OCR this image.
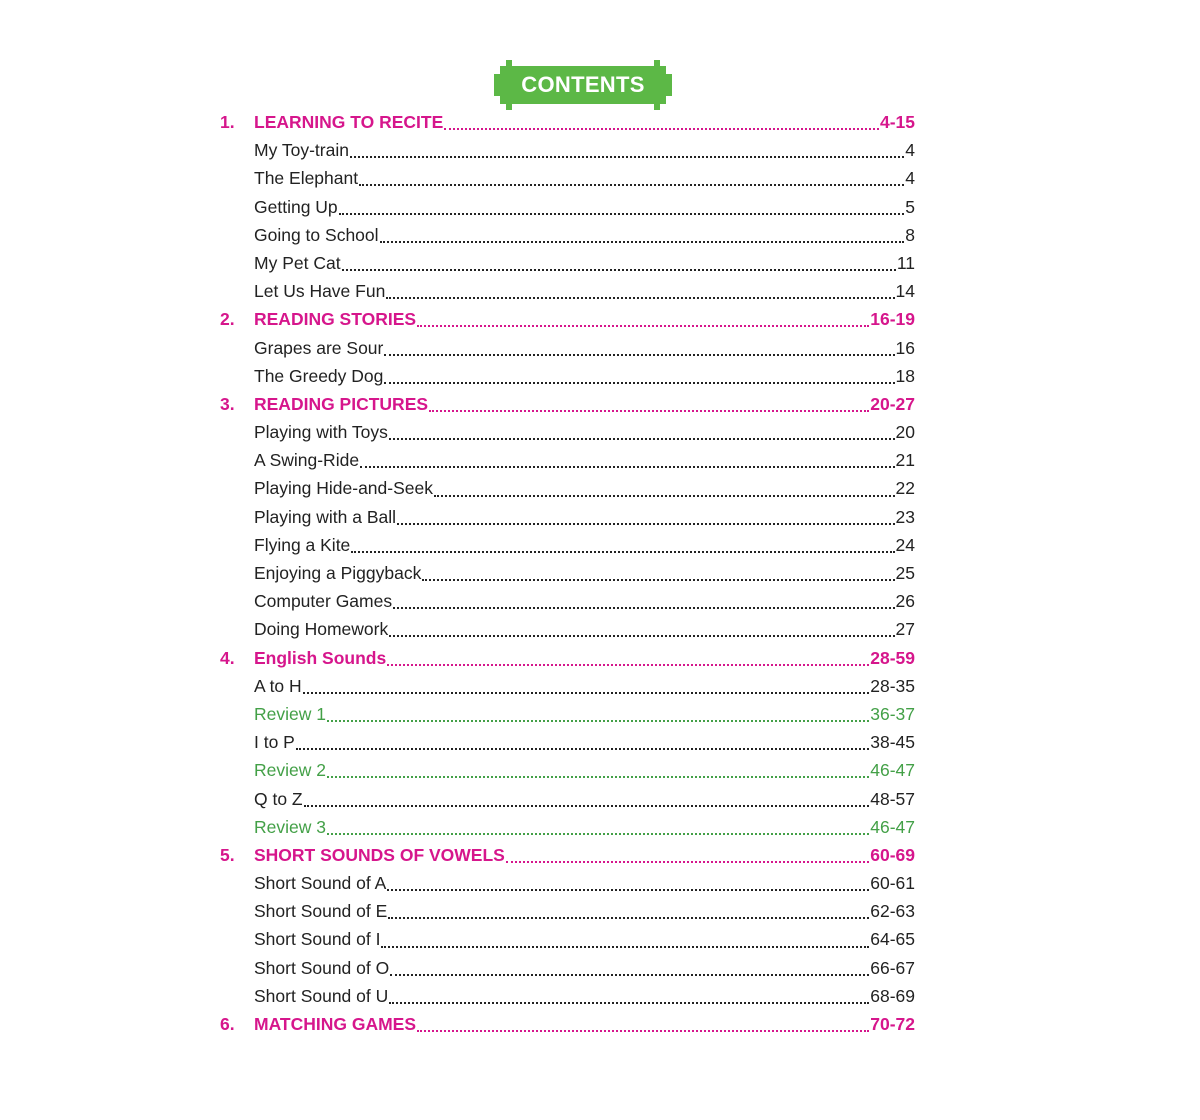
CONTENTS
1.	LEARNING TO RECITE	4-15
My Toy-train	4
The Elephant	4
Getting Up	5
Going to School	8
My Pet Cat	11
Let Us Have Fun	14
2.	READING STORIES	16-19
Grapes are Sour	16
The Greedy Dog	18
3.	READING PICTURES	20-27
Playing with Toys	20
A Swing-Ride	21
Playing Hide-and-Seek	22
Playing with a Ball	23
Flying a Kite	24
Enjoying a Piggyback	25
Computer Games	26
Doing Homework	27
4.	English Sounds	28-59
A to H	28-35
Review 1	36-37
I to P	38-45
Review 2	46-47
Q to Z	48-57
Review 3	46-47
5.	SHORT SOUNDS OF VOWELS	60-69
Short Sound of A	60-61
Short Sound of E	62-63
Short Sound of I	64-65
Short Sound of O	66-67
Short Sound of U	68-69
6.	MATCHING GAMES	70-72
